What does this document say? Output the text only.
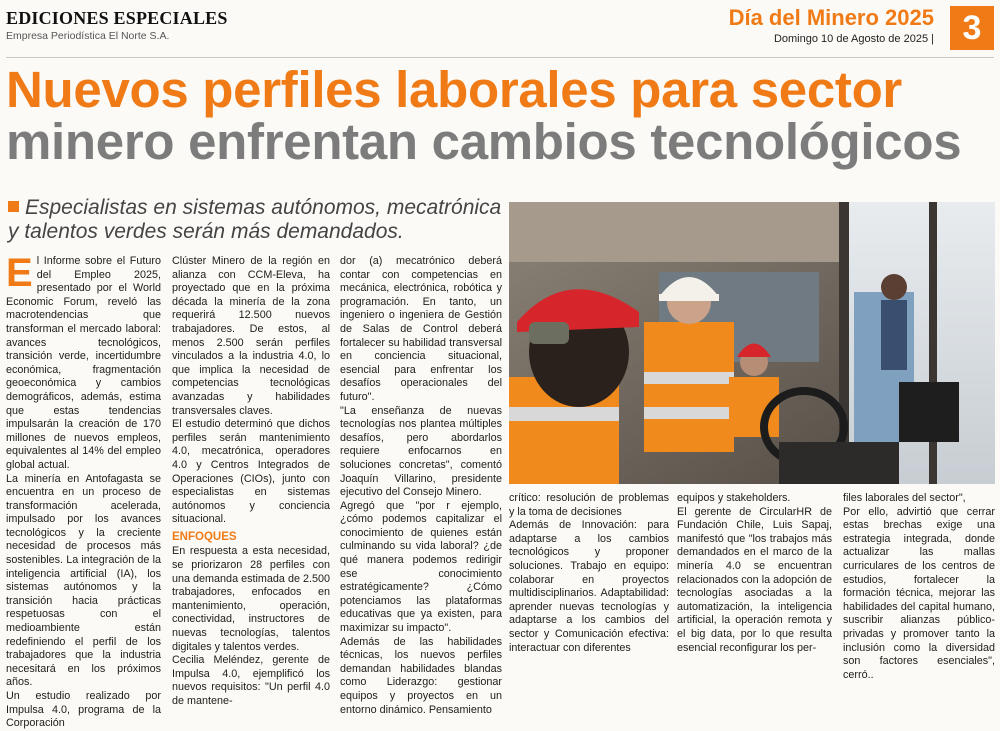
EDICIONES ESPECIALES
Empresa Periodística El Norte S.A.
Día del Minero 2025
Domingo 10 de Agosto de 2025 | 3
Nuevos perfiles laborales para sector
minero enfrentan cambios tecnológicos

Especialistas en sistemas autónomos, mecatrónica y talentos verdes serán más demandados.

El Informe sobre el Futuro del Empleo 2025, presentado por el World Economic Forum, reveló las macrotendencias que transforman el mercado laboral: avances tecnológicos, transición verde, incertidumbre económica, fragmentación geoeconómica y cambios demográficos, además, estima que estas tendencias impulsarán la creación de 170 millones de nuevos empleos, equivalentes al 14% del empleo global actual.

La minería en Antofagasta se encuentra en un proceso de transformación acelerada, impulsado por los avances tecnológicos y la creciente necesidad de procesos más sostenibles. La integración de la inteligencia artificial (IA), los sistemas autónomos y la transición hacia prácticas respetuosas con el medioambiente están redefiniendo el perfil de los trabajadores que la industria necesitará en los próximos años.

Un estudio realizado por Impulsa 4.0, programa de la Corporación

Clúster Minero de la región en alianza con CCM-Eleva, ha proyectado que en la próxima década la minería de la zona requerirá 12.500 nuevos trabajadores. De estos, al menos 2.500 serán perfiles vinculados a la industria 4.0, lo que implica la necesidad de competencias tecnológicas avanzadas y habilidades transversales claves.

El estudio determinó que dichos perfiles serán mantenimiento 4.0, mecatrónica, operadores 4.0 y Centros Integrados de Operaciones (CIOs), junto con especialistas en sistemas autónomos y conciencia situacional.

ENFOQUES

En respuesta a esta necesidad, se priorizaron 28 perfiles con una demanda estimada de 2.500 trabajadores, enfocados en mantenimiento, operación, conectividad, instructores de nuevas tecnologías, talentos digitales y talentos verdes.

Cecilia Meléndez, gerente de Impulsa 4.0, ejemplificó los nuevos requisitos: "Un perfil 4.0 de mantene-

dor (a) mecatrónico deberá contar con competencias en mecánica, electrónica, robótica y programación. En tanto, un ingeniero o ingeniera de Gestión de Salas de Control deberá fortalecer su habilidad transversal en conciencia situacional, esencial para enfrentar los desafíos operacionales del futuro".

"La enseñanza de nuevas tecnologías nos plantea múltiples desafíos, pero abordarlos requiere enfocarnos en soluciones concretas", comentó Joaquín Villarino, presidente ejecutivo del Consejo Minero.

Agregó que "por r ejemplo, ¿cómo podemos capitalizar el conocimiento de quienes están culminando su vida laboral? ¿de qué manera podemos redirigir ese conocimiento estratégicamente? ¿Cómo potenciamos las plataformas educativas que ya existen, para maximizar su impacto".

Además de las habilidades técnicas, los nuevos perfiles demandan habilidades blandas como Liderazgo: gestionar equipos y proyectos en un entorno dinámico. Pensamiento

crítico: resolución de problemas y la toma de decisiones

Además de Innovación: para adaptarse a los cambios tecnológicos y proponer soluciones. Trabajo en equipo: colaborar en proyectos multidisciplinarios. Adaptabilidad: aprender nuevas tecnologías y adaptarse a los cambios del sector y Comunicación efectiva: interactuar con diferentes

equipos y stakeholders.

El gerente de CircularHR de Fundación Chile, Luis Sapaj, manifestó que "los trabajos más demandados en el marco de la minería 4.0 se encuentran relacionados con la adopción de tecnologías asociadas a la automatización, la inteligencia artificial, la operación remota y el big data, por lo que resulta esencial reconfigurar los per-

files laborales del sector",

Por ello, advirtió que cerrar estas brechas exige una estrategia integrada, donde actualizar las mallas curriculares de los centros de estudios, fortalecer la formación técnica, mejorar las habilidades del capital humano, suscribir alianzas público-privadas y promover tanto la inclusión como la diversidad son factores esenciales", cerró..
